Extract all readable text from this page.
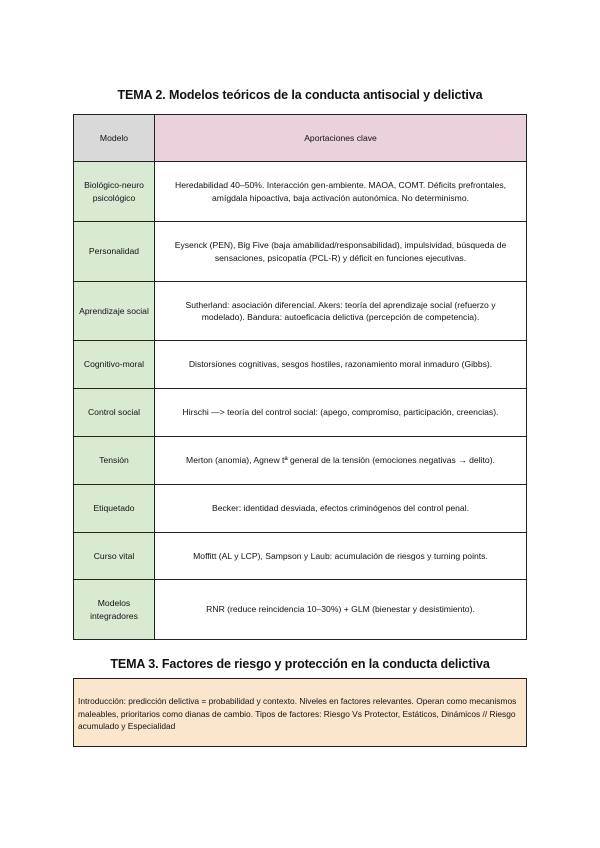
TEMA 2. Modelos teóricos de la conducta antisocial y delictiva
Modelo	Aportaciones clave
Biológico-neuro psicológico	Heredabilidad 40–50%. Interacción gen-ambiente. MAOA, COMT. Déficits prefrontales, amígdala hipoactiva, baja activación autonómica. No determinismo.
Personalidad	Eysenck (PEN), Big Five (baja amabilidad/responsabilidad), impulsividad, búsqueda de sensaciones, psicopatía (PCL-R) y déficit en funciones ejecutivas.
Aprendizaje social	Sutherland: asociación diferencial. Akers: teoría del aprendizaje social (refuerzo y modelado). Bandura: autoeficacia delictiva (percepción de competencia).
Cognitivo-moral	Distorsiones cognitivas, sesgos hostiles, razonamiento moral inmaduro (Gibbs).
Control social	Hirschi —> teoría del control social: (apego, compromiso, participación, creencias).
Tensión	Merton (anomia), Agnew tª general de la tensión (emociones negativas → delito).
Etiquetado	Becker: identidad desviada, efectos criminógenos del control penal.
Curso vital	Moffitt (AL y LCP), Sampson y Laub: acumulación de riesgos y turning points.
Modelos integradores	RNR (reduce reincidencia 10–30%) + GLM (bienestar y desistimiento).
TEMA 3. Factores de riesgo y protección en la conducta delictiva
Introducción: predicción delictiva = probabilidad y contexto. Niveles en factores relevantes. Operan como mecanismos maleables, prioritarios como dianas de cambio. Tipos de factores: Riesgo Vs Protector, Estáticos, Dinámicos // Riesgo acumulado y Especialidad
